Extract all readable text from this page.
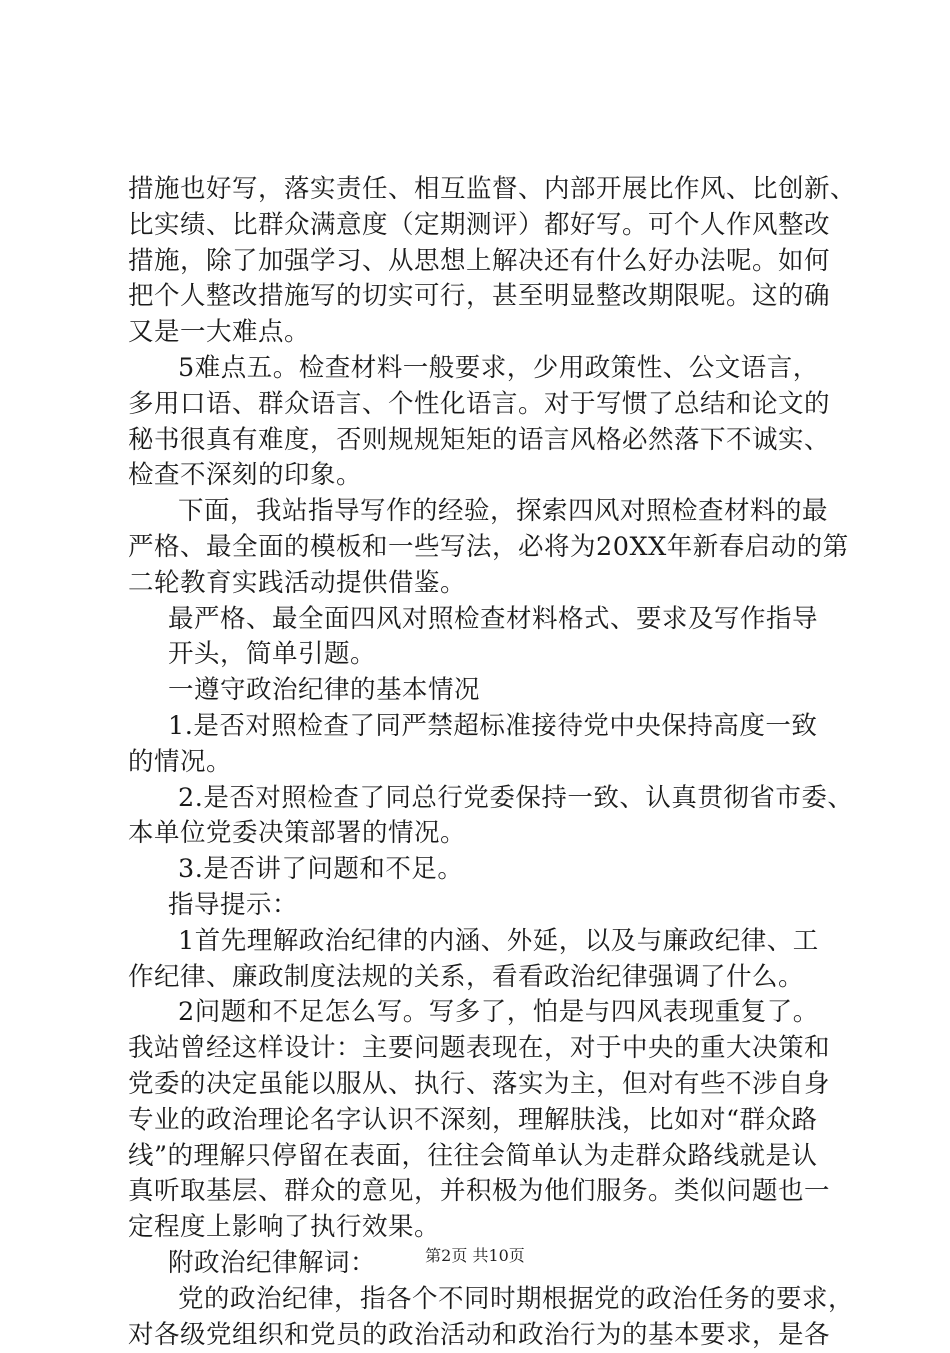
措施也好写，落实责任、相互监督、内部开展比作风、比创新、
比实绩、比群众满意度（定期测评）都好写。可个人作风整改
措施，除了加强学习、从思想上解决还有什么好办法呢。如何
把个人整改措施写的切实可行，甚至明显整改期限呢。这的确
又是一大难点。
5难点五。检查材料一般要求，少用政策性、公文语言，
多用口语、群众语言、个性化语言。对于写惯了总结和论文的
秘书很真有难度，否则规规矩矩的语言风格必然落下不诚实、
检查不深刻的印象。
下面，我站指导写作的经验，探索四风对照检查材料的最
严格、最全面的模板和一些写法，必将为20XX年新春启动的第
二轮教育实践活动提供借鉴。
最严格、最全面四风对照检查材料格式、要求及写作指导
开头，简单引题。
一遵守政治纪律的基本情况
1.是否对照检查了同严禁超标准接待党中央保持高度一致
的情况。
2.是否对照检查了同总行党委保持一致、认真贯彻省市委、
本单位党委决策部署的情况。
3.是否讲了问题和不足。
指导提示：
1首先理解政治纪律的内涵、外延，以及与廉政纪律、工
作纪律、廉政制度法规的关系，看看政治纪律强调了什么。
2问题和不足怎么写。写多了，怕是与四风表现重复了。
我站曾经这样设计：主要问题表现在，对于中央的重大决策和
党委的决定虽能以服从、执行、落实为主，但对有些不涉自身
专业的政治理论名字认识不深刻，理解肤浅，比如对“群众路
线”的理解只停留在表面，往往会简单认为走群众路线就是认
真听取基层、群众的意见，并积极为他们服务。类似问题也一
定程度上影响了执行效果。
附政治纪律解词：
党的政治纪律，指各个不同时期根据党的政治任务的要求，
对各级党组织和党员的政治活动和政治行为的基本要求，是各
第2页 共10页
